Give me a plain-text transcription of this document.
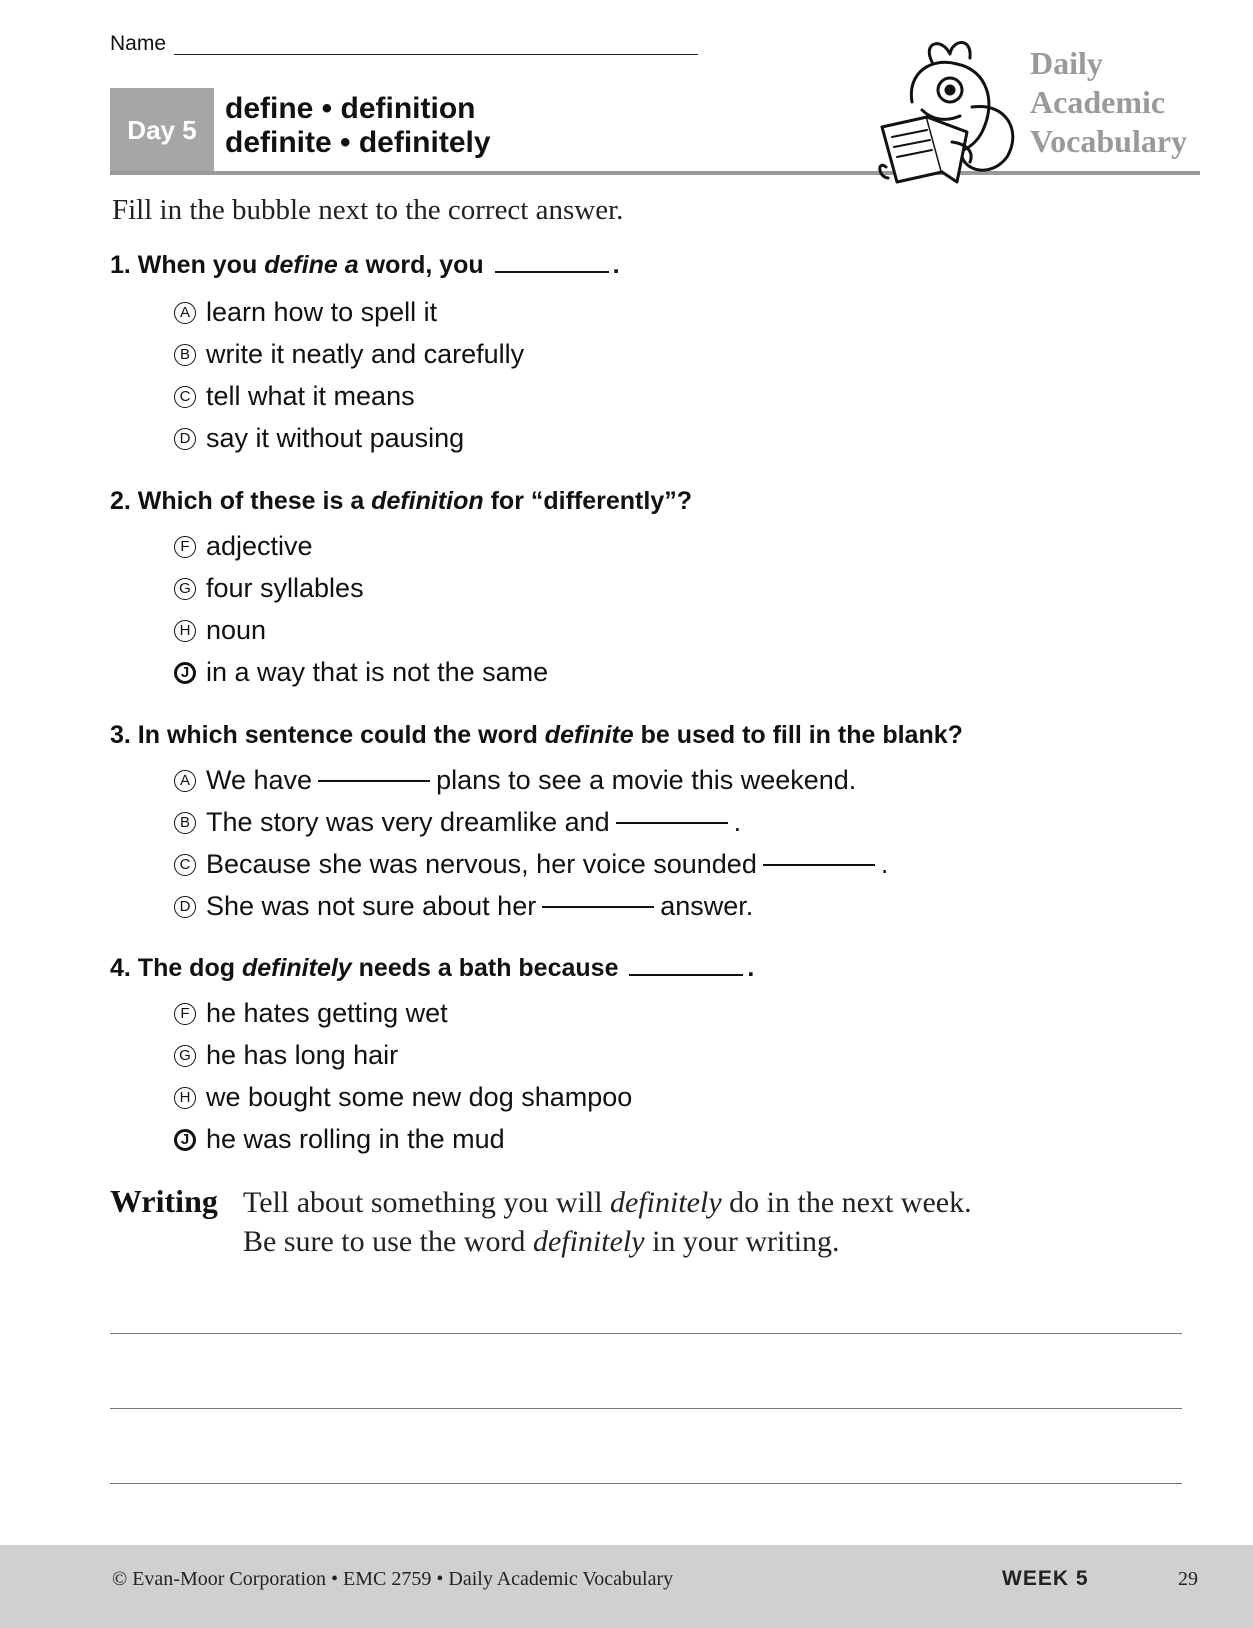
Name
Day 5
define • definition
definite • definitely
Daily
Academic
Vocabulary
Fill in the bubble next to the correct answer.
1. When you define a word, you	.
A learn how to spell it
B write it neatly and carefully
C tell what it means
D say it without pausing
2. Which of these is a definition for “differently”?
F adjective
G four syllables
H noun
J in a way that is not the same
3. In which sentence could the word definite be used to fill in the blank?
A We have	plans to see a movie this weekend.
B The story was very dreamlike and	.
C Because she was nervous, her voice sounded	.
D She was not sure about her	answer.
4. The dog definitely needs a bath because	.
F he hates getting wet
G he has long hair
H we bought some new dog shampoo
J he was rolling in the mud
Writing Tell about something you will definitely do in the next week.
Be sure to use the word definitely in your writing.
© Evan-Moor Corporation • EMC 2759 • Daily Academic Vocabulary	WEEK 5	29
